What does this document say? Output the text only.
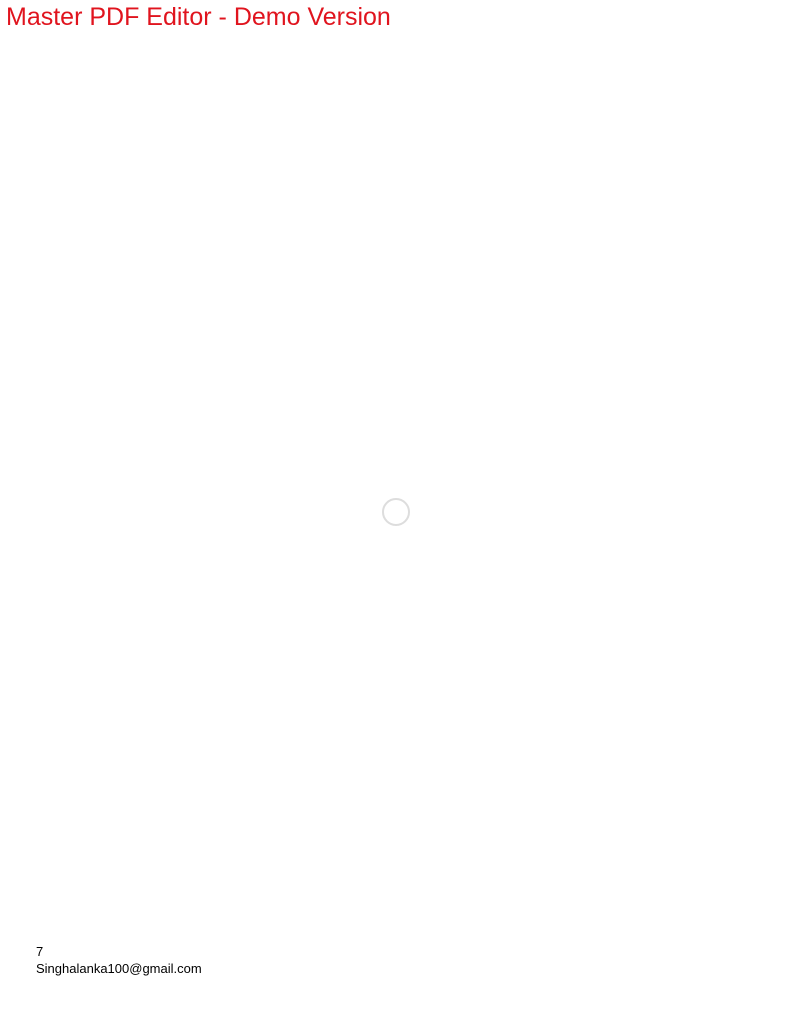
Master PDF Editor - Demo Version

7
Singhalanka100@gmail.com
